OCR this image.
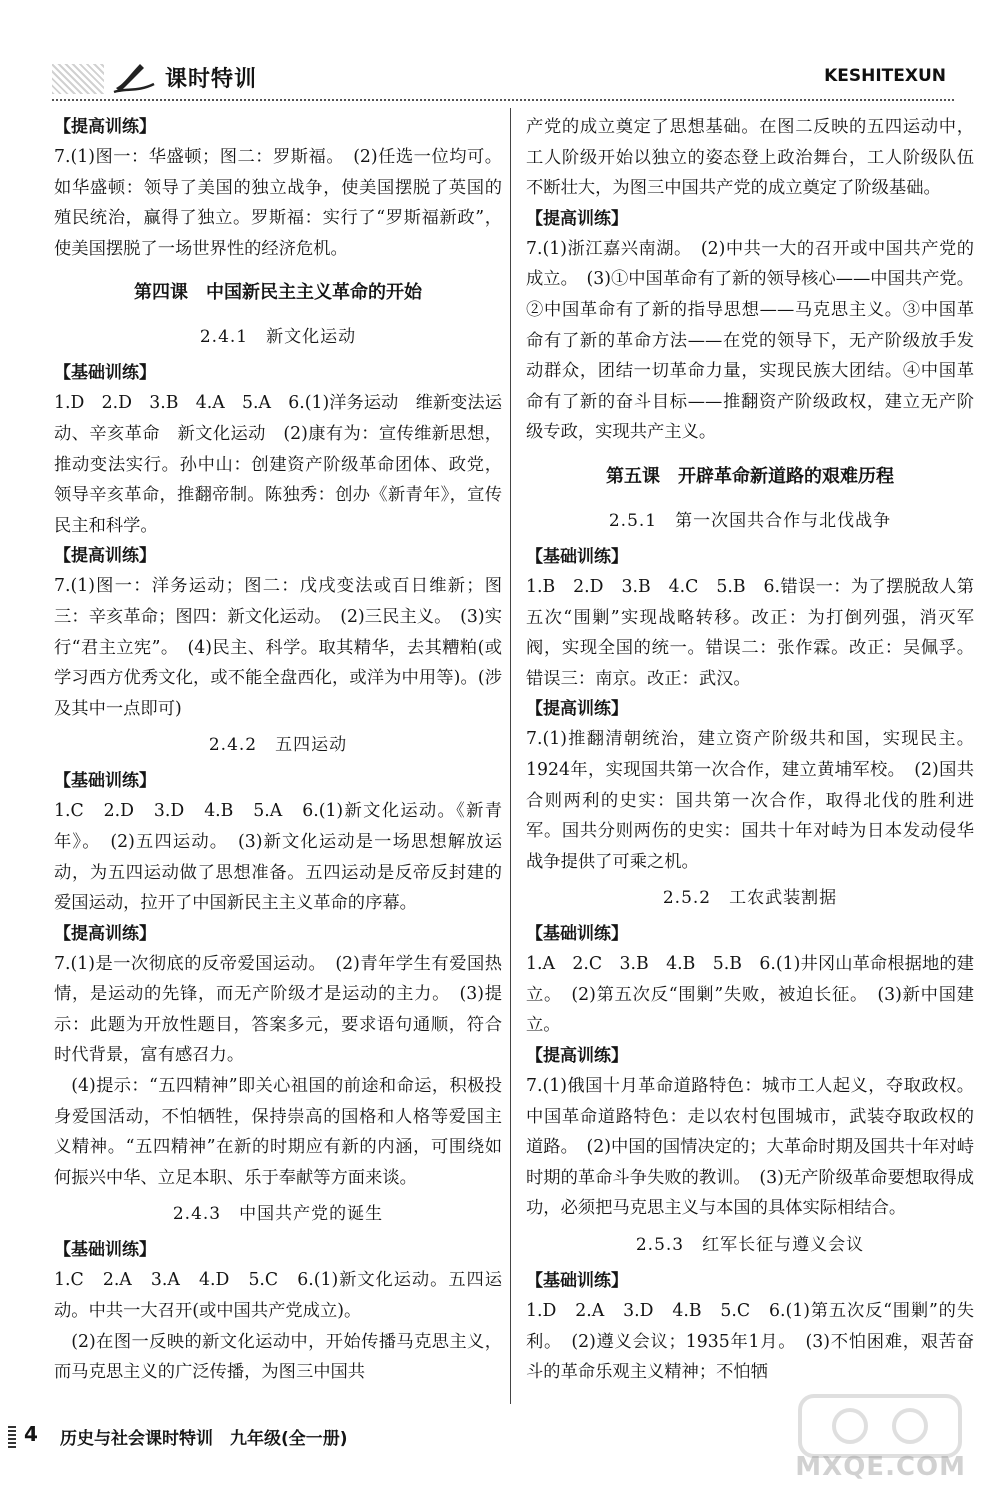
课时特训	KESHITEXUN
【提高训练】
7.(1)图一：华盛顿；图二：罗斯福。　(2)任选一位均可。如华盛顿：领导了美国的独立战争，使美国摆脱了英国的殖民统治，赢得了独立。罗斯福：实行了“罗斯福新政”，使美国摆脱了一场世界性的经济危机。
第四课　中国新民主主义革命的开始
2.4.1　新文化运动
【基础训练】
1.D　2.D　3.B　4.A　5.A　6.(1)洋务运动　维新变法运动、辛亥革命　新文化运动　(2)康有为：宣传维新思想，推动变法实行。孙中山：创建资产阶级革命团体、政党，领导辛亥革命，推翻帝制。陈独秀：创办《新青年》，宣传民主和科学。
【提高训练】
7.(1)图一：洋务运动；图二：戊戌变法或百日维新；图三：辛亥革命；图四：新文化运动。　(2)三民主义。　(3)实行“君主立宪”。　(4)民主、科学。取其精华，去其糟粕(或学习西方优秀文化，或不能全盘西化，或洋为中用等)。(涉及其中一点即可)
2.4.2　五四运动
【基础训练】
1.C　2.D　3.D　4.B　5.A　6.(1)新文化运动。《新青年》。　(2)五四运动。　(3)新文化运动是一场思想解放运动，为五四运动做了思想准备。五四运动是反帝反封建的爱国运动，拉开了中国新民主主义革命的序幕。
【提高训练】
7.(1)是一次彻底的反帝爱国运动。　(2)青年学生有爱国热情，是运动的先锋，而无产阶级才是运动的主力。　(3)提示：此题为开放性题目，答案多元，要求语句通顺，符合时代背景，富有感召力。
(4)提示：“五四精神”即关心祖国的前途和命运，积极投身爱国活动，不怕牺牲，保持崇高的国格和人格等爱国主义精神。“五四精神”在新的时期应有新的内涵，可围绕如何振兴中华、立足本职、乐于奉献等方面来谈。
2.4.3　中国共产党的诞生
【基础训练】
1.C　2.A　3.A　4.D　5.C　6.(1)新文化运动。五四运动。中共一大召开(或中国共产党成立)。
(2)在图一反映的新文化运动中，开始传播马克思主义，而马克思主义的广泛传播，为图三中国共
产党的成立奠定了思想基础。在图二反映的五四运动中，工人阶级开始以独立的姿态登上政治舞台，工人阶级队伍不断壮大，为图三中国共产党的成立奠定了阶级基础。
【提高训练】
7.(1)浙江嘉兴南湖。　(2)中共一大的召开或中国共产党的成立。　(3)①中国革命有了新的领导核心——中国共产党。②中国革命有了新的指导思想——马克思主义。③中国革命有了新的革命方法——在党的领导下，无产阶级放手发动群众，团结一切革命力量，实现民族大团结。④中国革命有了新的奋斗目标——推翻资产阶级政权，建立无产阶级专政，实现共产主义。
第五课　开辟革命新道路的艰难历程
2.5.1　第一次国共合作与北伐战争
【基础训练】
1.B　2.D　3.B　4.C　5.B　6.错误一：为了摆脱敌人第五次“围剿”实现战略转移。改正：为打倒列强，消灭军阀，实现全国的统一。错误二：张作霖。改正：吴佩孚。错误三：南京。改正：武汉。
【提高训练】
7.(1)推翻清朝统治，建立资产阶级共和国，实现民主。1924年，实现国共第一次合作，建立黄埔军校。　(2)国共合则两利的史实：国共第一次合作，取得北伐的胜利进军。国共分则两伤的史实：国共十年对峙为日本发动侵华战争提供了可乘之机。
2.5.2　工农武装割据
【基础训练】
1.A　2.C　3.B　4.B　5.B　6.(1)井冈山革命根据地的建立。　(2)第五次反“围剿”失败，被迫长征。　(3)新中国建立。
【提高训练】
7.(1)俄国十月革命道路特色：城市工人起义，夺取政权。中国革命道路特色：走以农村包围城市，武装夺取政权的道路。　(2)中国的国情决定的；大革命时期及国共十年对峙时期的革命斗争失败的教训。　(3)无产阶级革命要想取得成功，必须把马克思主义与本国的具体实际相结合。
2.5.3　红军长征与遵义会议
【基础训练】
1.D　2.A　3.D　4.B　5.C　6.(1)第五次反“围剿”的失利。　(2)遵义会议；1935年1月。　(3)不怕困难，艰苦奋斗的革命乐观主义精神；不怕牺
4 历史与社会课时特训　九年级(全一册)
MXQE.COM
